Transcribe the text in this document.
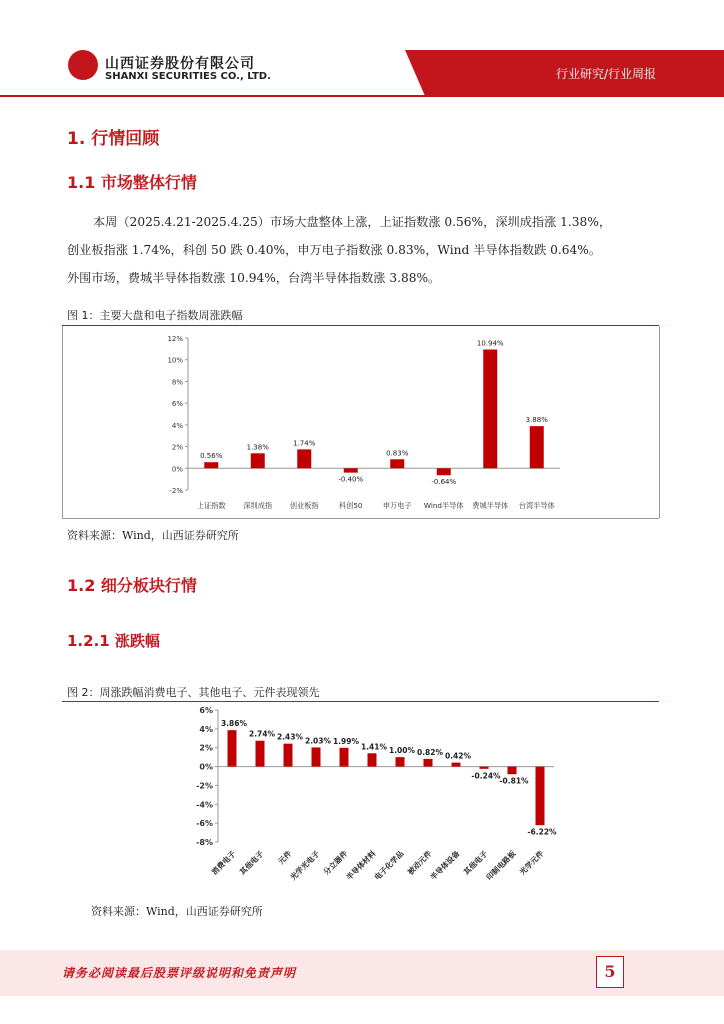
山西证券股份有限公司
SHANXI SECURITIES CO., LTD.	行业研究/行业周报
1. 行情回顾
1.1 市场整体行情

本周（2025.4.21-2025.4.25）市场大盘整体上涨，上证指数涨 0.56%，深圳成指涨 1.38%，

创业板指涨 1.74%，科创 50 跌 0.40%，申万电子指数涨 0.83%，Wind 半导体指数跌 0.64%。

外围市场，费城半导体指数涨 10.94%，台湾半导体指数涨 3.88%。

图 1：主要大盘和电子指数周涨跌幅
12%
10%
8%
6%
4%
2%
0%
-2%
0.56%
上证指数
1.38%
深圳成指
1.74%
创业板指
-0.40%
科创50
0.83%
申万电子
-0.64%
Wind半导体
10.94%
费城半导体
3.88%
台湾半导体
资料来源：Wind，山西证券研究所
1.2 细分板块行情
1.2.1 涨跌幅
图 2：周涨跌幅消费电子、其他电子、元件表现领先
6%
4%
2%
0%
-2%
-4%
-6%
-8%
3.86%
消费电子
2.74%
其他电子
2.43%
元件
2.03%
光学光电子
1.99%
分立器件
1.41%
半导体材料
1.00%
电子化学品
0.82%
被动元件
0.42%
半导体设备
-0.24%
其他电子
-0.81%
印制电路板
-6.22%
光学元件
资料来源：Wind，山西证券研究所
请务必阅读最后股票评级说明和免责声明	5
